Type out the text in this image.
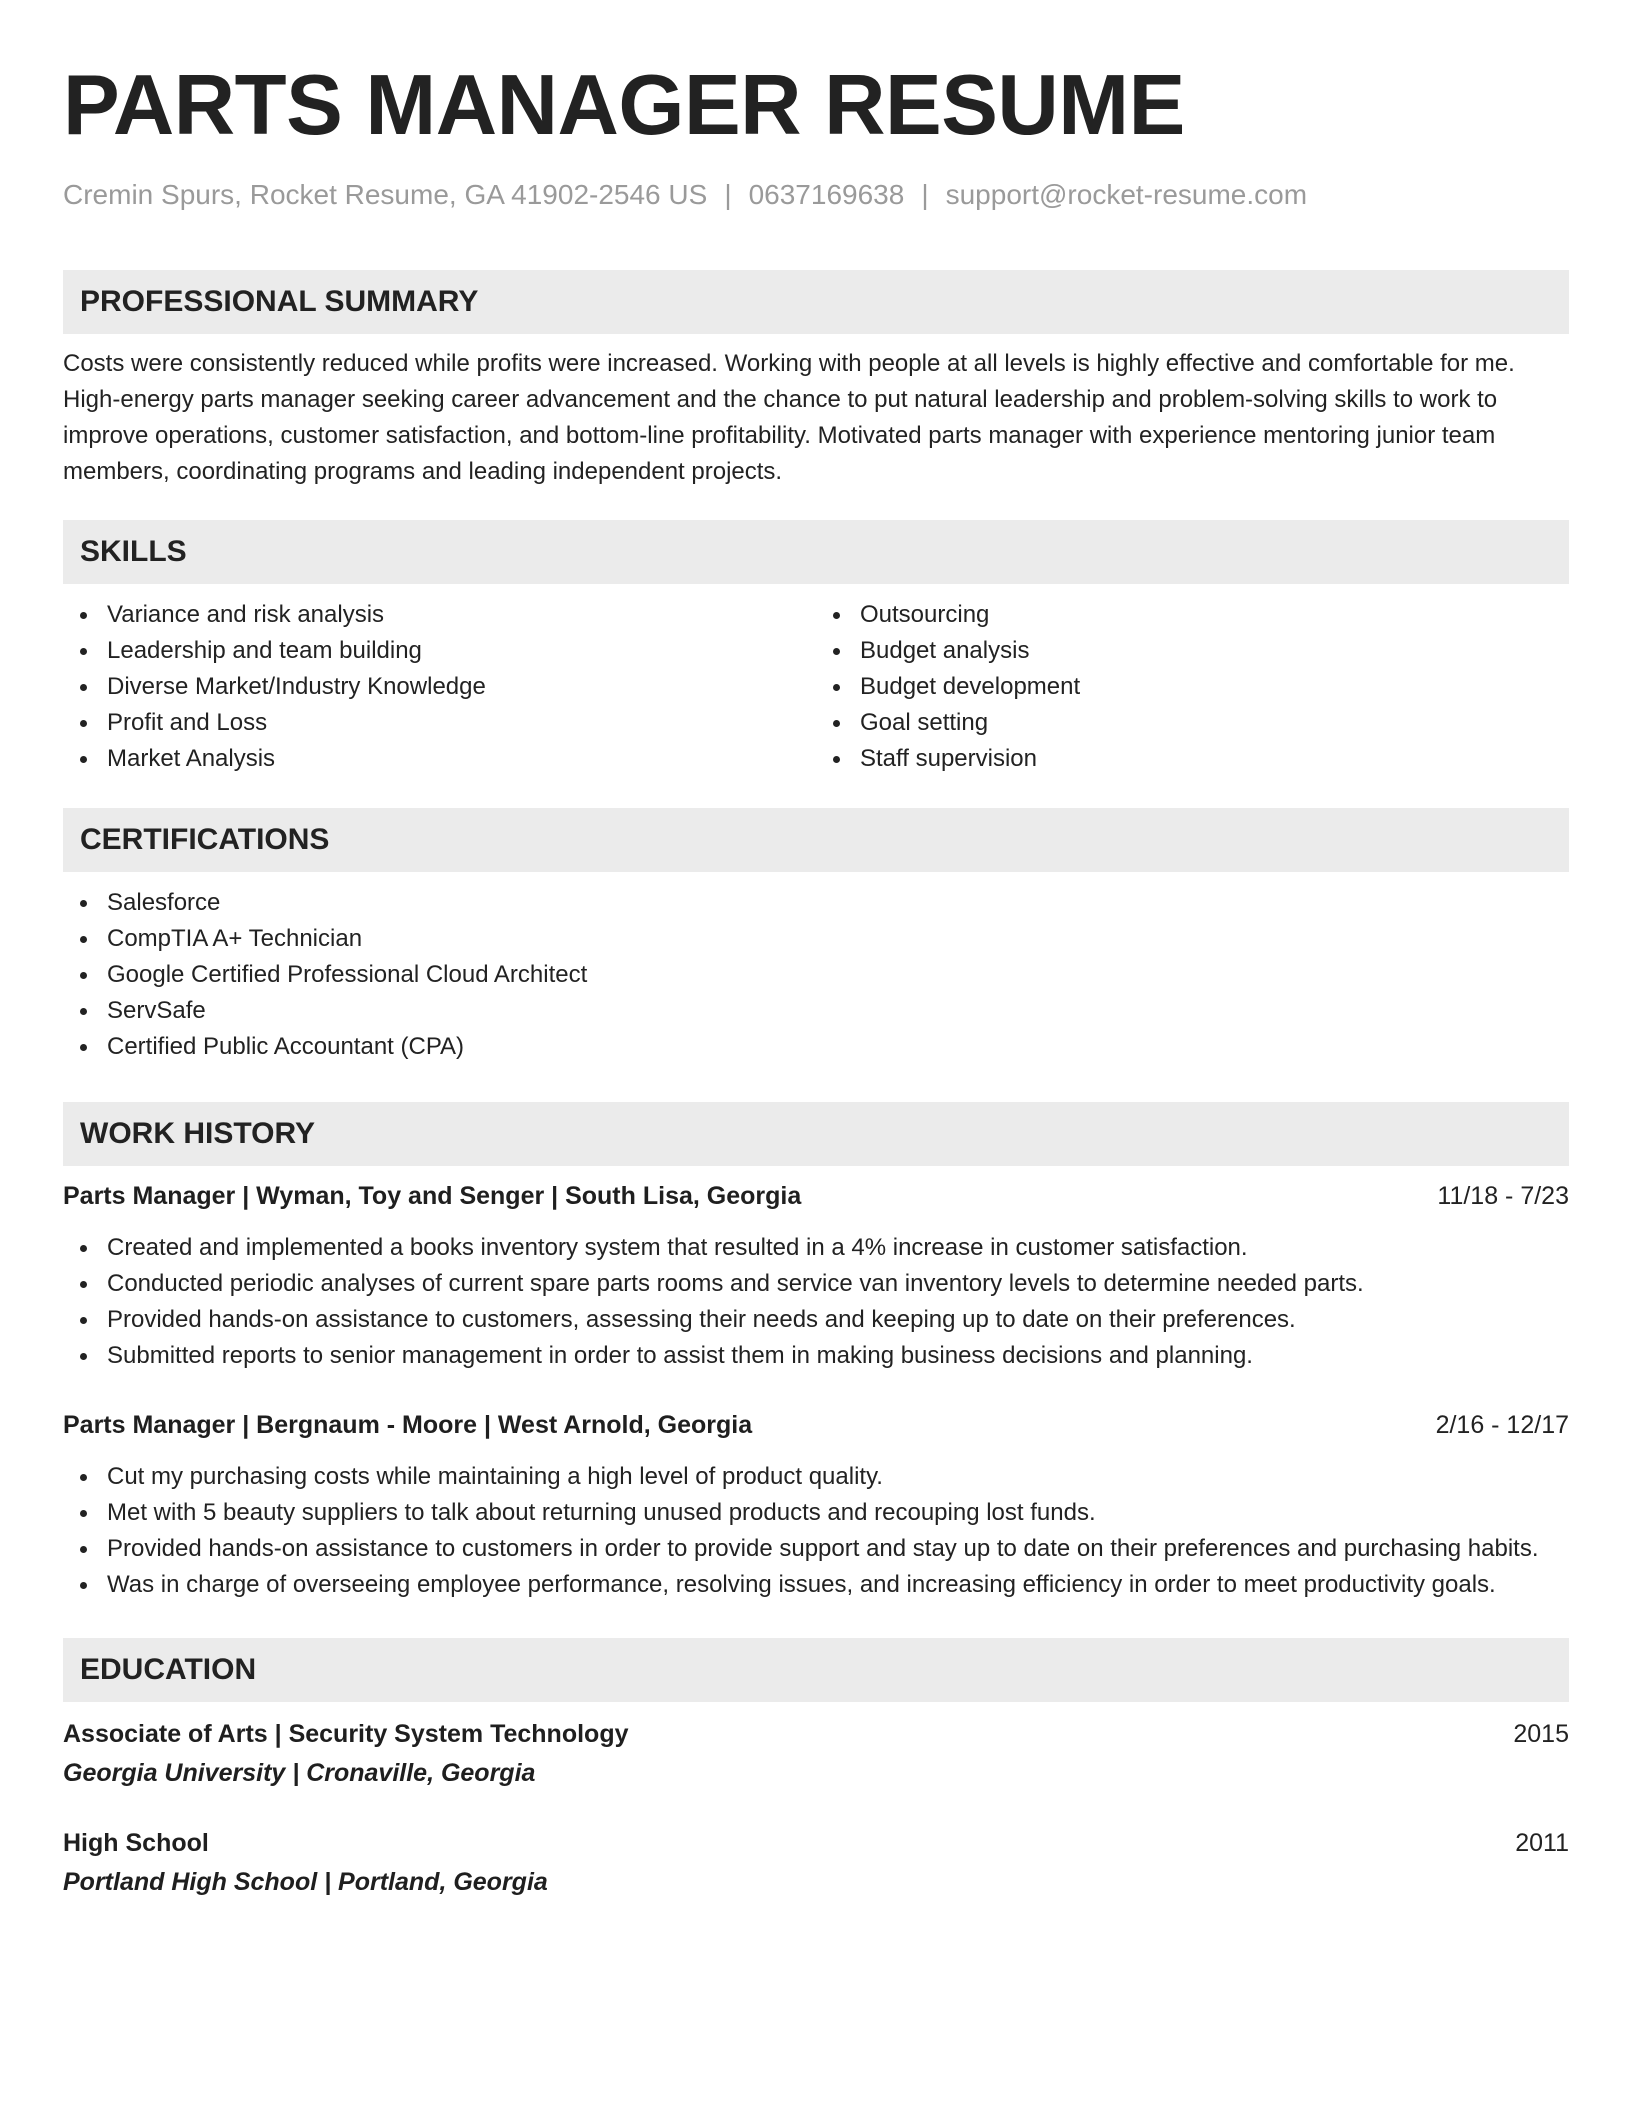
PARTS MANAGER RESUME
Cremin Spurs, Rocket Resume, GA 41902-2546 US | 0637169638 | support@rocket-resume.com
PROFESSIONAL SUMMARY

Costs were consistently reduced while profits were increased. Working with people at all levels is highly effective and comfortable for me. High-energy parts manager seeking career advancement and the chance to put natural leadership and problem-solving skills to work to improve operations, customer satisfaction, and bottom-line profitability. Motivated parts manager with experience mentoring junior team members, coordinating programs and leading independent projects.

SKILLS
Variance and risk analysis
Leadership and team building
Diverse Market/Industry Knowledge
Profit and Loss
Market Analysis
Outsourcing
Budget analysis
Budget development
Goal setting
Staff supervision
CERTIFICATIONS
Salesforce
CompTIA A+ Technician
Google Certified Professional Cloud Architect
ServSafe
Certified Public Accountant (CPA)
WORK HISTORY
Parts Manager | Wyman, Toy and Senger | South Lisa, Georgia	11/18 - 7/23
Created and implemented a books inventory system that resulted in a 4% increase in customer satisfaction.
Conducted periodic analyses of current spare parts rooms and service van inventory levels to determine needed parts.
Provided hands-on assistance to customers, assessing their needs and keeping up to date on their preferences.
Submitted reports to senior management in order to assist them in making business decisions and planning.
Parts Manager | Bergnaum - Moore | West Arnold, Georgia	2/16 - 12/17
Cut my purchasing costs while maintaining a high level of product quality.
Met with 5 beauty suppliers to talk about returning unused products and recouping lost funds.
Provided hands-on assistance to customers in order to provide support and stay up to date on their preferences and purchasing habits.
Was in charge of overseeing employee performance, resolving issues, and increasing efficiency in order to meet productivity goals.
EDUCATION
Associate of Arts | Security System Technology	2015
Georgia University | Cronaville, Georgia
High School	2011
Portland High School | Portland, Georgia
